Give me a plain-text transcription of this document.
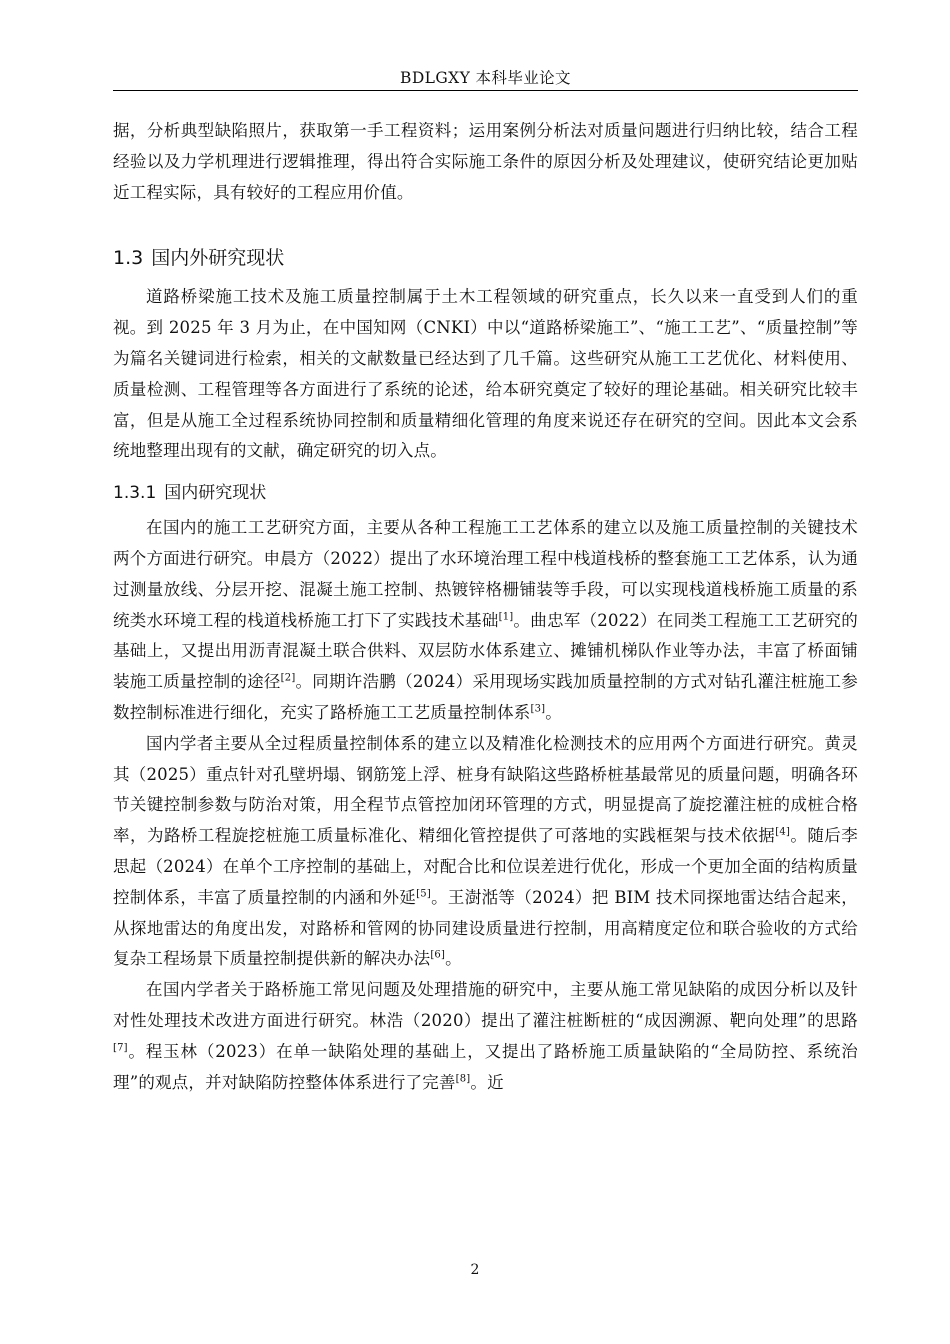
BDLGXY 本科毕业论文

据，分析典型缺陷照片，获取第一手工程资料；运用案例分析法对质量问题进行归纳比较，结合工程经验以及力学机理进行逻辑推理，得出符合实际施工条件的原因分析及处理建议，使研究结论更加贴近工程实际，具有较好的工程应用价值。

1.3 国内外研究现状

道路桥梁施工技术及施工质量控制属于土木工程领域的研究重点，长久以来一直受到人们的重视。到 2025 年 3 月为止，在中国知网（CNKI）中以“道路桥梁施工”、“施工工艺”、“质量控制”等为篇名关键词进行检索，相关的文献数量已经达到了几千篇。这些研究从施工工艺优化、材料使用、质量检测、工程管理等各方面进行了系统的论述，给本研究奠定了较好的理论基础。相关研究比较丰富，但是从施工全过程系统协同控制和质量精细化管理的角度来说还存在研究的空间。因此本文会系统地整理出现有的文献，确定研究的切入点。

1.3.1 国内研究现状

在国内的施工工艺研究方面，主要从各种工程施工工艺体系的建立以及施工质量控制的关键技术两个方面进行研究。申晨方（2022）提出了水环境治理工程中栈道栈桥的整套施工工艺体系，认为通过测量放线、分层开挖、混凝土施工控制、热镀锌格栅铺装等手段，可以实现栈道栈桥施工质量的系统类水环境工程的栈道栈桥施工打下了实践技术基础[1]。曲忠军（2022）在同类工程施工工艺研究的基础上，又提出用沥青混凝土联合供料、双层防水体系建立、摊铺机梯队作业等办法，丰富了桥面铺装施工质量控制的途径[2]。同期许浩鹏（2024）采用现场实践加质量控制的方式对钻孔灌注桩施工参数控制标准进行细化，充实了路桥施工工艺质量控制体系[3]。

国内学者主要从全过程质量控制体系的建立以及精准化检测技术的应用两个方面进行研究。黄灵其（2025）重点针对孔壁坍塌、钢筋笼上浮、桩身有缺陷这些路桥桩基最常见的质量问题，明确各环节关键控制参数与防治对策，用全程节点管控加闭环管理的方式，明显提高了旋挖灌注桩的成桩合格率，为路桥工程旋挖桩施工质量标准化、精细化管控提供了可落地的实践框架与技术依据[4]。随后李思起（2024）在单个工序控制的基础上，对配合比和位误差进行优化，形成一个更加全面的结构质量控制体系，丰富了质量控制的内涵和外延[5]。王澍湉等（2024）把 BIM 技术同探地雷达结合起来，从探地雷达的角度出发，对路桥和管网的协同建设质量进行控制，用高精度定位和联合验收的方式给复杂工程场景下质量控制提供新的解决办法[6]。

在国内学者关于路桥施工常见问题及处理措施的研究中，主要从施工常见缺陷的成因分析以及针对性处理技术改进方面进行研究。林浩（2020）提出了灌注桩断桩的“成因溯源、靶向处理”的思路[7]。程玉林（2023）在单一缺陷处理的基础上，又提出了路桥施工质量缺陷的“全局防控、系统治理”的观点，并对缺陷防控整体体系进行了完善[8]。近

2
